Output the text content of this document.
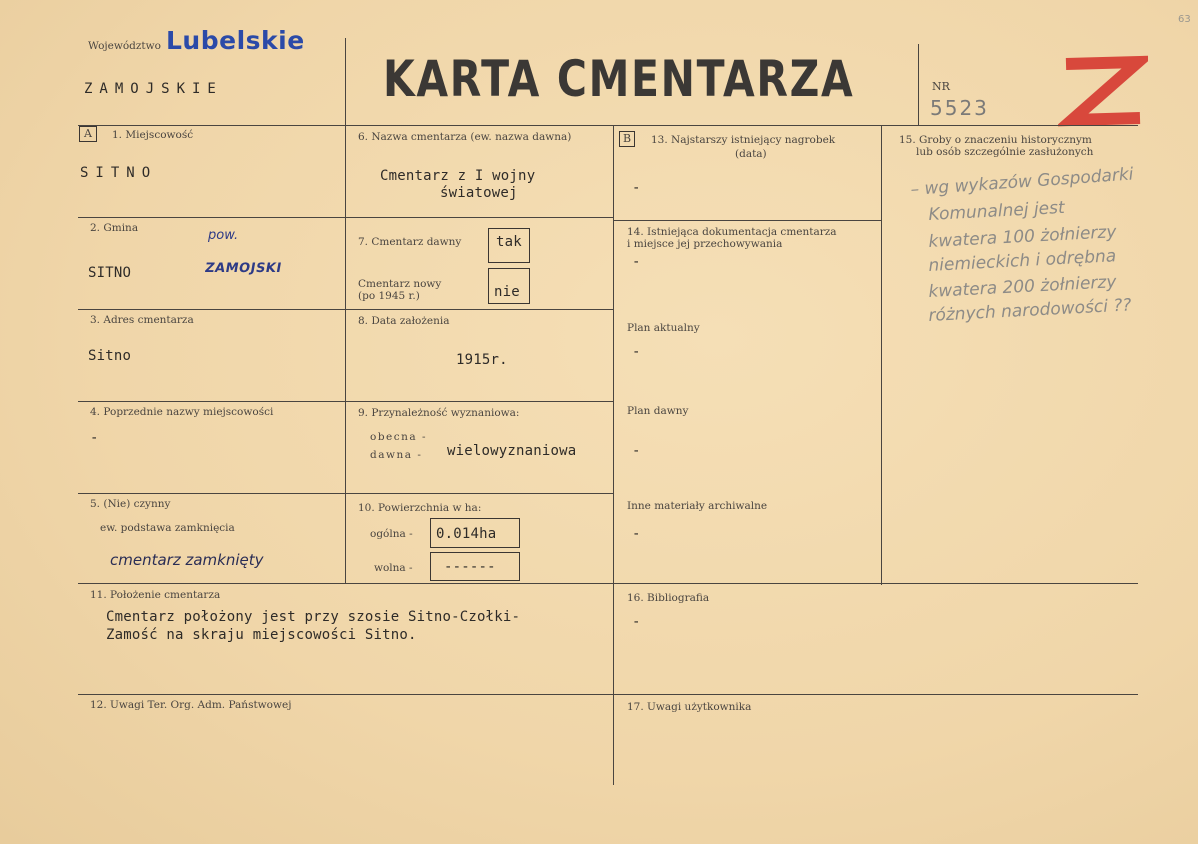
Województwo Lubelskie
ZAMOJSKIE	KARTA CMENTARZA	NR
5523
63
A	1. Miejscowość
SITNO
2. Gmina	pow.
SITNO	ZAMOJSKI
3. Adres cmentarza
Sitno
4. Poprzednie nazwy miejscowości
-
5. (Nie) czynny
ew. podstawa zamknięcia
cmentarz zamknięty
6. Nazwa cmentarza (ew. nazwa dawna)
Cmentarz z I wojny
światowej
7. Cmentarz dawny tak
Cmentarz nowy
(po 1945 r.)	nie
8. Data założenia
1915r.
9. Przynależność wyznaniowa:
obecna -
dawna - wielowyznaniowa
10. Powierzchnia w ha:
ogólna - 0.014ha
wolna - ------
B 13. Najstarszy istniejący nagrobek
(data)
-
14. Istniejąca dokumentacja cmentarza
i miejsce jej przechowywania
-
Plan aktualny
-
Plan dawny
-
Inne materiały archiwalne
-
15. Groby o znaczeniu historycznym
lub osób szczególnie zasłużonych
– wg wykazów Gospodarki
Komunalnej jest
kwatera 100 żołnierzy
niemieckich i odrębna
kwatera 200 żołnierzy
różnych narodowości ??
11. Położenie cmentarza
Cmentarz położony jest przy szosie Sitno-Czołki-
Zamość na skraju miejscowości Sitno.
16. Bibliografia
-
12. Uwagi Ter. Org. Adm. Państwowej	17. Uwagi użytkownika
